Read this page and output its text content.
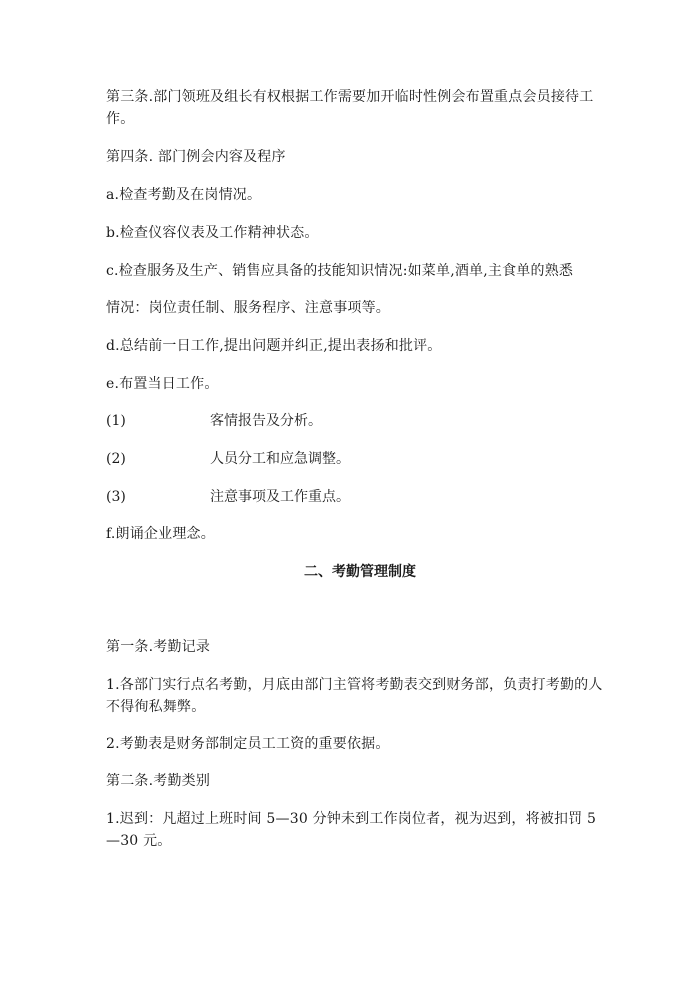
第三条.部门领班及组长有权根据工作需要加开临时性例会布置重点会员接待工作。
第四条. 部门例会内容及程序
a.检查考勤及在岗情况。
b.检查仪容仪表及工作精神状态。
c.检查服务及生产、销售应具备的技能知识情况:如菜单,酒单,主食单的熟悉
情况：岗位责任制、服务程序、注意事项等。
d.总结前一日工作,提出问题并纠正,提出表扬和批评。
e.布置当日工作。
(1)	客情报告及分析。
(2)	人员分工和应急调整。
(3)	注意事项及工作重点。
f.朗诵企业理念。
二、考勤管理制度
第一条.考勤记录
1.各部门实行点名考勤，月底由部门主管将考勤表交到财务部，负责打考勤的人不得徇私舞弊。
2.考勤表是财务部制定员工工资的重要依据。
第二条.考勤类别
1.迟到：凡超过上班时间 5—30 分钟未到工作岗位者，视为迟到，将被扣罚 5—30 元。
